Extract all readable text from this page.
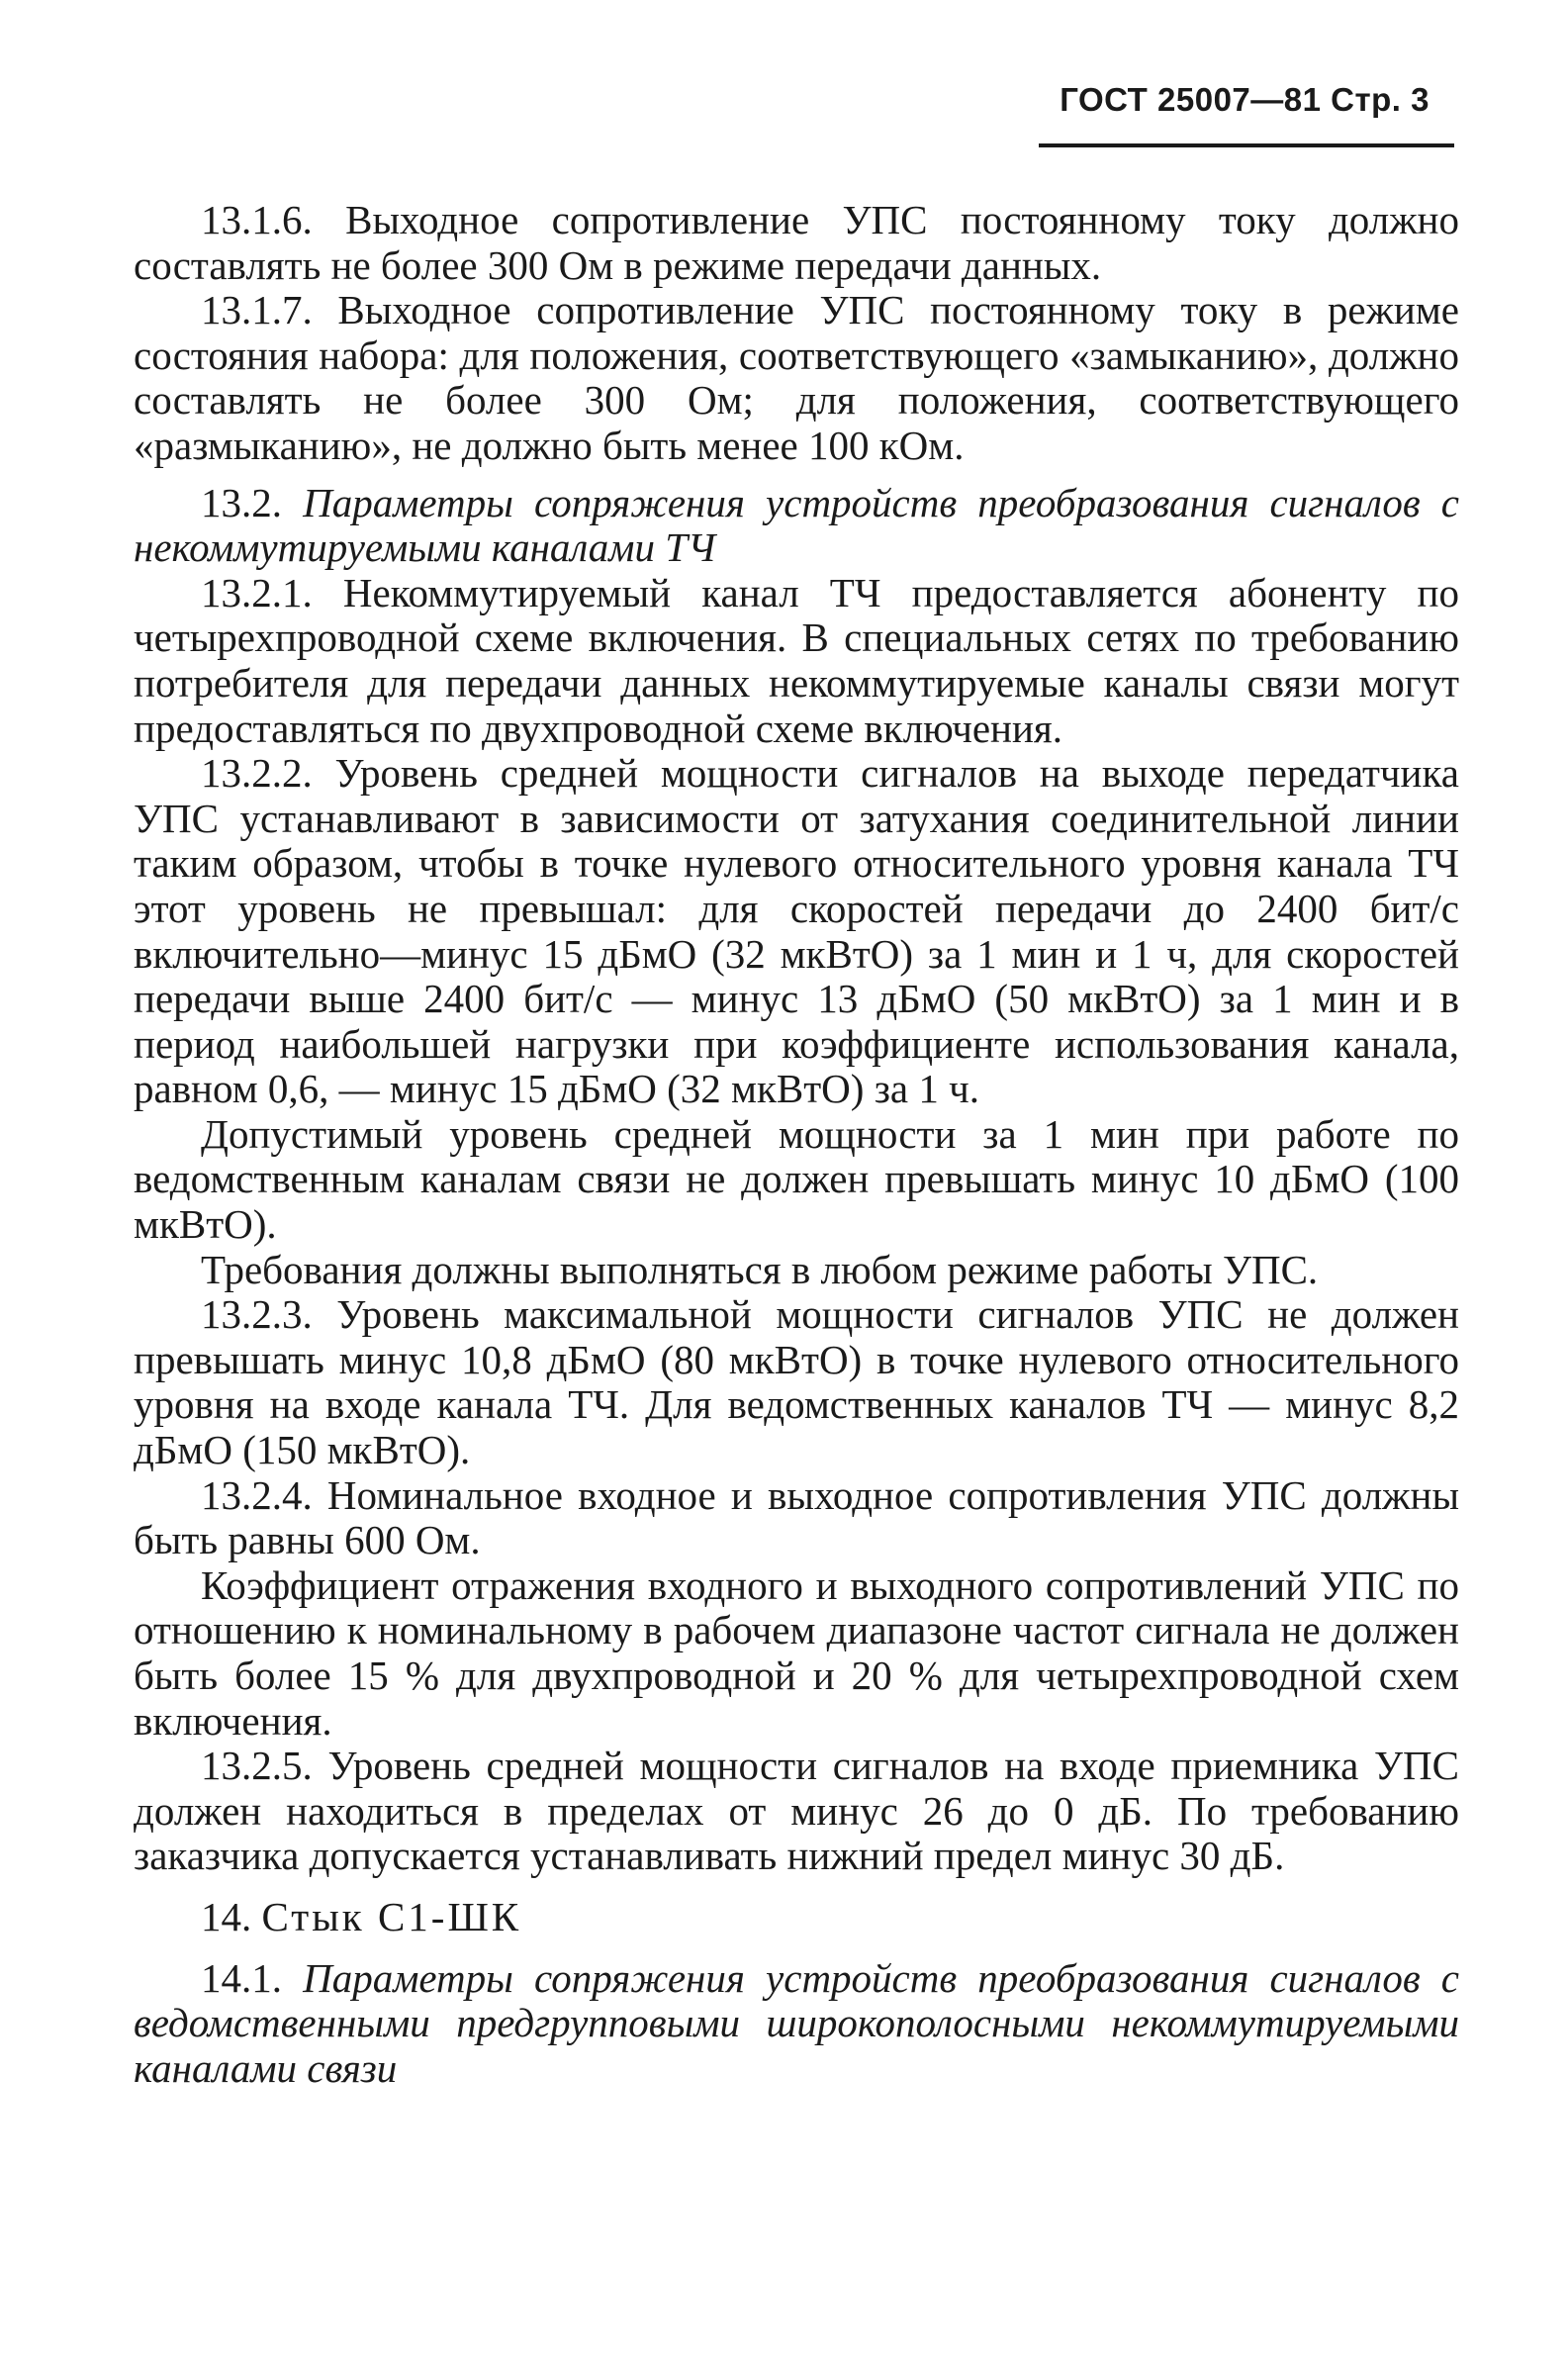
ГОСТ 25007—81 Стр. 3

13.1.6. Выходное сопротивление УПС постоянному току должно составлять не более 300 Ом в режиме передачи данных.

13.1.7. Выходное сопротивление УПС постоянному току в режиме состояния набора: для положения, соответствующего «замыканию», должно составлять не более 300 Ом; для положения, соответствующего «размыканию», не должно быть менее 100 кОм.

13.2. Параметры сопряжения устройств преобразования сигналов с некоммутируемыми каналами ТЧ

13.2.1. Некоммутируемый канал ТЧ предоставляется абоненту по четырехпроводной схеме включения. В специальных сетях по требованию потребителя для передачи данных некоммутируемые каналы связи могут предоставляться по двухпроводной схеме включения.

13.2.2. Уровень средней мощности сигналов на выходе передатчика УПС устанавливают в зависимости от затухания соединительной линии таким образом, чтобы в точке нулевого относительного уровня канала ТЧ этот уровень не превышал: для скоростей передачи до 2400 бит/с включительно—минус 15 дБмО (32 мкВтО) за 1 мин и 1 ч, для скоростей передачи выше 2400 бит/с — минус 13 дБмО (50 мкВтО) за 1 мин и в период наибольшей нагрузки при коэффициенте использования канала, равном 0,6, — минус 15 дБмО (32 мкВтО) за 1 ч.

Допустимый уровень средней мощности за 1 мин при работе по ведомственным каналам связи не должен превышать минус 10 дБмО (100 мкВтО).

Требования должны выполняться в любом режиме работы УПС.

13.2.3. Уровень максимальной мощности сигналов УПС не должен превышать минус 10,8 дБмО (80 мкВтО) в точке нулевого относительного уровня на входе канала ТЧ. Для ведомственных каналов ТЧ — минус 8,2 дБмО (150 мкВтО).

13.2.4. Номинальное входное и выходное сопротивления УПС должны быть равны 600 Ом.

Коэффициент отражения входного и выходного сопротивлений УПС по отношению к номинальному в рабочем диапазоне частот сигнала не должен быть более 15 % для двухпроводной и 20 % для четырехпроводной схем включения.

13.2.5. Уровень средней мощности сигналов на входе приемника УПС должен находиться в пределах от минус 26 до 0 дБ. По требованию заказчика допускается устанавливать нижний предел минус 30 дБ.

14. Стык С1-ШК

14.1. Параметры сопряжения устройств преобразования сигналов с ведомственными предгрупповыми широкополосными некоммутируемыми каналами связи
